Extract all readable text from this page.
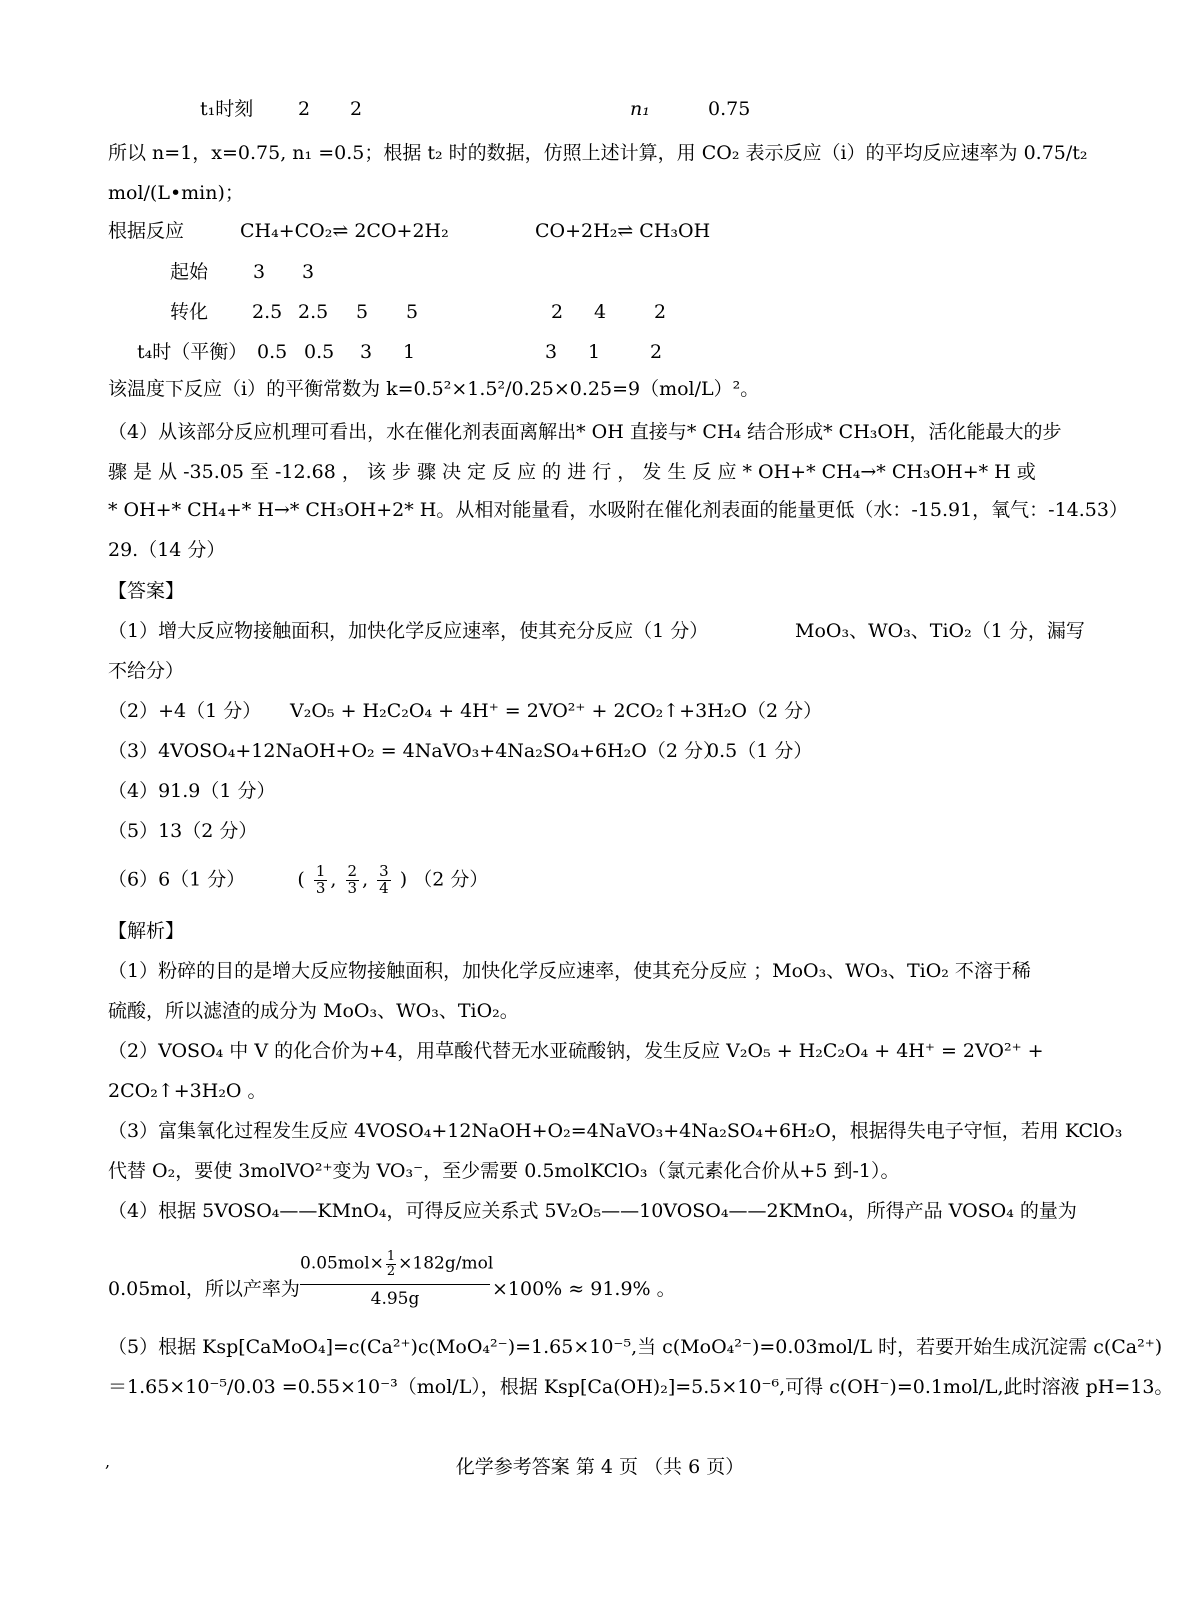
t₁时刻 2 2	n₁	0.75
所以 n=1，x=0.75, n₁ =0.5；根据 t₂ 时的数据，仿照上述计算，用 CO₂ 表示反应（i）的平均反应速率为 0.75/t₂
mol/(L•min)；
根据反应	CH₄+CO₂⇌ 2CO+2H₂	CO+2H₂⇌ CH₃OH
起始 3 3
转化 2.5 2.5 5 5	2 4	2
t₄时（平衡） 0.5 0.5 3 1	3 1	2
该温度下反应（i）的平衡常数为 k=0.5²×1.5²/0.25×0.25=9（mol/L）²。
（4）从该部分反应机理可看出，水在催化剂表面离解出* OH 直接与* CH₄ 结合形成* CH₃OH，活化能最大的步
骤 是 从 -35.05 至 -12.68 ， 该 步 骤 决 定 反 应 的 进 行 ， 发 生 反 应 * OH+* CH₄→* CH₃OH+* H 或
* OH+* CH₄+* H→* CH₃OH+2* H。从相对能量看，水吸附在催化剂表面的能量更低（水：-15.91，氧气：-14.53）
29.（14 分）
【答案】
（1）增大反应物接触面积，加快化学反应速率，使其充分反应（1 分）	MoO₃、WO₃、TiO₂（1 分，漏写
不给分）
（2）+4（1 分） V₂O₅ + H₂C₂O₄ + 4H⁺ = 2VO²⁺ + 2CO₂↑+3H₂O（2 分）
（3）4VOSO₄+12NaOH+O₂ = 4NaVO₃+4Na₂SO₄+6H₂O（2 分）
0.5（1 分）
（4）91.9（1 分）
（5）13（2 分）
（6）6（1 分）	( $\frac{1}{3}$ , $\frac{2}{3}$ , $\frac{3}{4}$ ) （2 分）
【解析】
（1）粉碎的目的是增大反应物接触面积，加快化学反应速率，使其充分反应 ；MoO₃、WO₃、TiO₂ 不溶于稀
硫酸，所以滤渣的成分为 MoO₃、WO₃、TiO₂。
（2）VOSO₄ 中 V 的化合价为+4，用草酸代替无水亚硫酸钠，发生反应 V₂O₅ + H₂C₂O₄ + 4H⁺ = 2VO²⁺ +
2CO₂↑+3H₂O 。
（3）富集氧化过程发生反应 4VOSO₄+12NaOH+O₂=4NaVO₃+4Na₂SO₄+6H₂O，根据得失电子守恒，若用 KClO₃
代替 O₂，要使 3molVO²⁺变为 VO₃⁻，至少需要 0.5molKClO₃（氯元素化合价从+5 到-1）。
（4）根据 5VOSO₄——KMnO₄，可得反应关系式 5V₂O₅——10VOSO₄——2KMnO₄，所得产品 VOSO₄ 的量为
0.05mol，所以产率为
$0.05mol\times \frac{1}{2} \times 182g/mol$
4.95g	×100% ≈ 91.9% 。
（5）根据 Ksp[CaMoO₄]=c(Ca²⁺)c(MoO₄²⁻)=1.65×10⁻⁵,当 c(MoO₄²⁻)=0.03mol/L 时，若要开始生成沉淀需 c(Ca²⁺)
＝1.65×10⁻⁵/0.03 =0.55×10⁻³（mol/L），根据 Ksp[Ca(OH)₂]=5.5×10⁻⁶,可得 c(OH⁻)=0.1mol/L,此时溶液 pH=13。
,	化学参考答案 第 4 页 （共 6 页）
